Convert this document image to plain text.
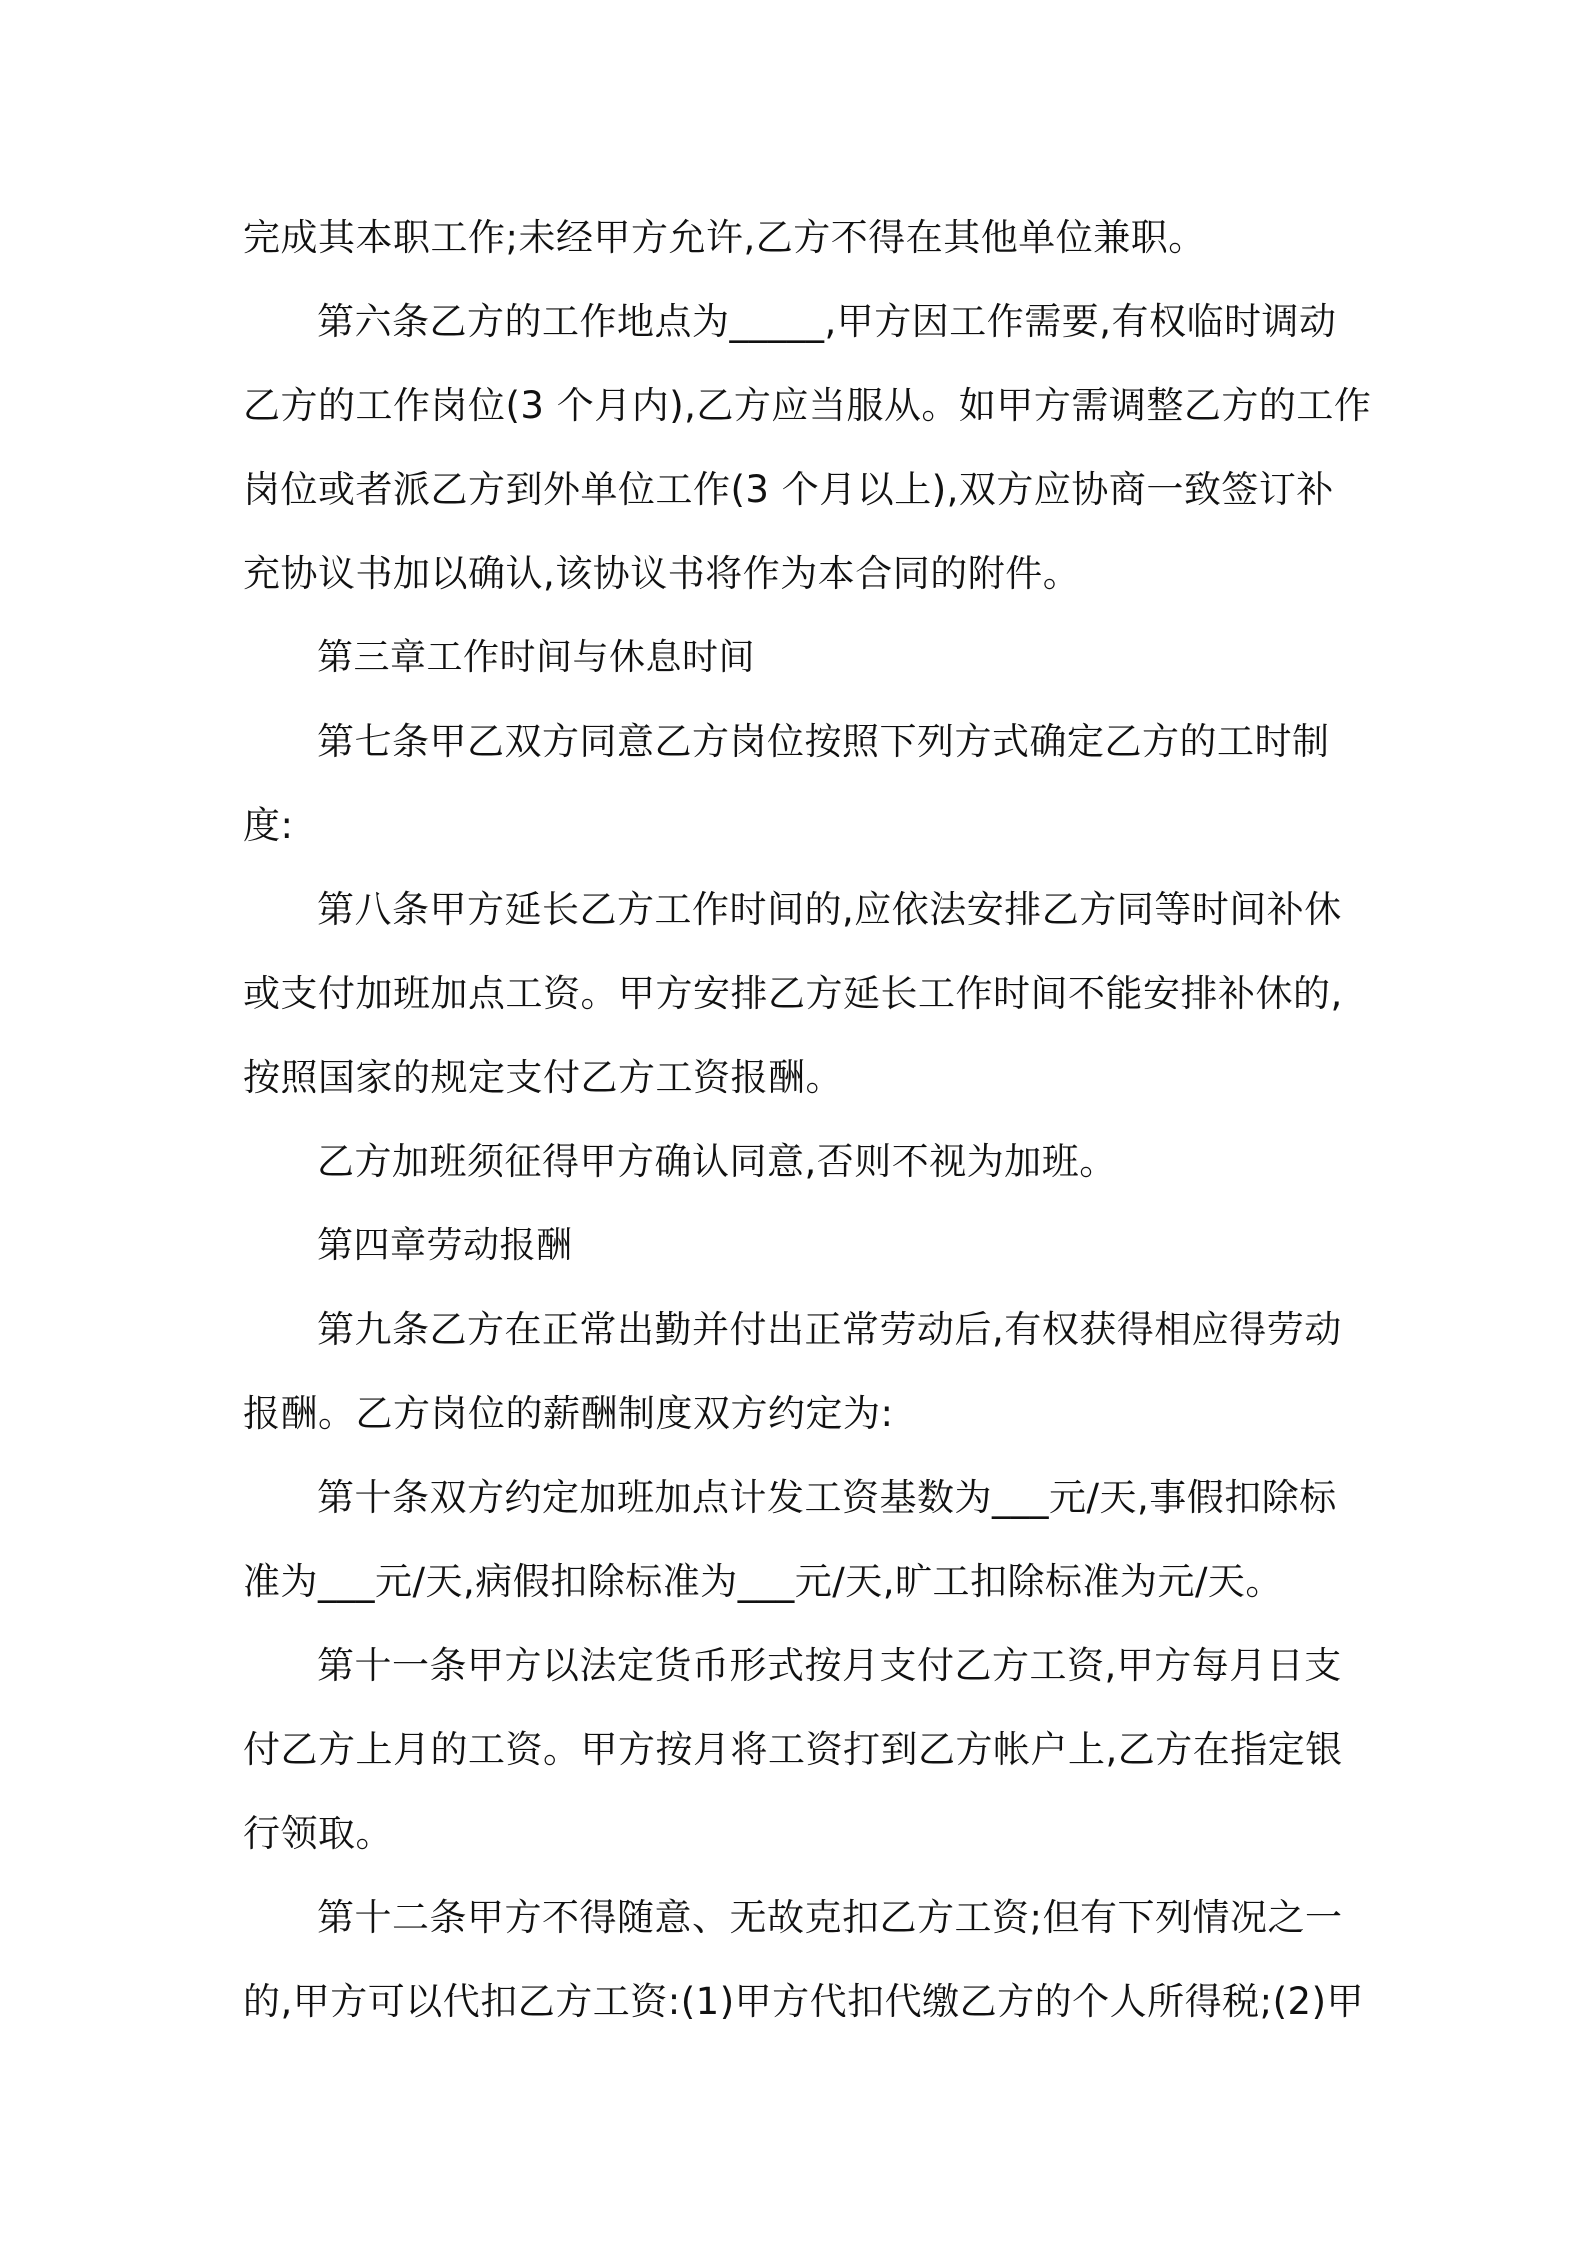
完成其本职工作;未经甲方允许,乙方不得在其他单位兼职。
第六条乙方的工作地点为_____,甲方因工作需要,有权临时调动
乙方的工作岗位(3 个月内),乙方应当服从。如甲方需调整乙方的工作
岗位或者派乙方到外单位工作(3 个月以上),双方应协商一致签订补
充协议书加以确认,该协议书将作为本合同的附件。
第三章工作时间与休息时间
第七条甲乙双方同意乙方岗位按照下列方式确定乙方的工时制
度:
第八条甲方延长乙方工作时间的,应依法安排乙方同等时间补休
或支付加班加点工资。甲方安排乙方延长工作时间不能安排补休的,
按照国家的规定支付乙方工资报酬。
乙方加班须征得甲方确认同意,否则不视为加班。
第四章劳动报酬
第九条乙方在正常出勤并付出正常劳动后,有权获得相应得劳动
报酬。乙方岗位的薪酬制度双方约定为:
第十条双方约定加班加点计发工资基数为___元/天,事假扣除标
准为___元/天,病假扣除标准为___元/天,旷工扣除标准为元/天。
第十一条甲方以法定货币形式按月支付乙方工资,甲方每月日支
付乙方上月的工资。甲方按月将工资打到乙方帐户上,乙方在指定银
行领取。
第十二条甲方不得随意、无故克扣乙方工资;但有下列情况之一
的,甲方可以代扣乙方工资:(1)甲方代扣代缴乙方的个人所得税;(2)甲
